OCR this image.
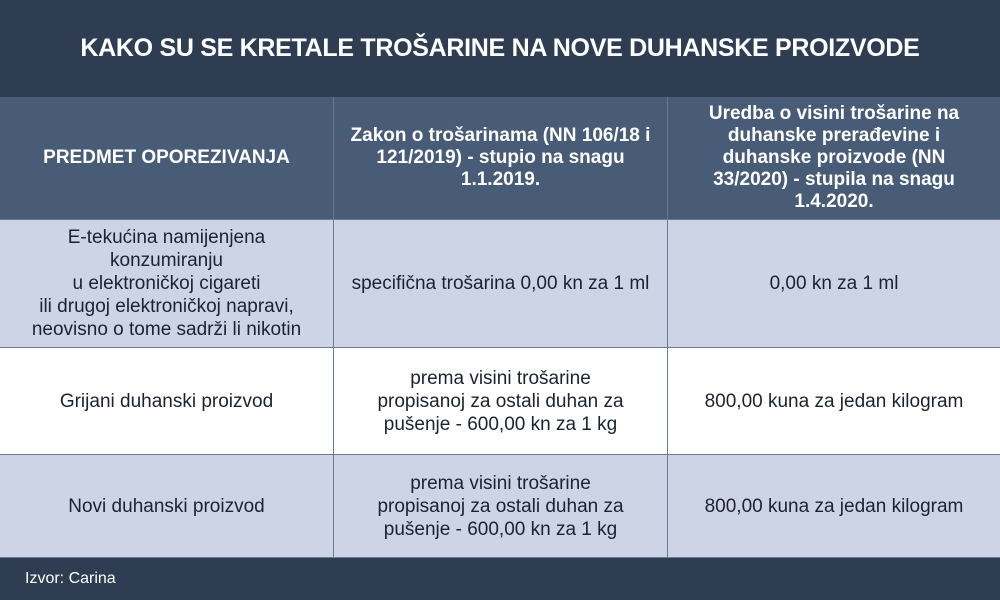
KAKO SU SE KRETALE TROŠARINE NA NOVE DUHANSKE PROIZVODE
PREDMET OPOREZIVANJA
Zakon o trošarinama (NN 106/18 i 121/2019) - stupio na snagu 1.1.2019.
Uredba o visini trošarine na duhanske prerađevine i duhanske proizvode (NN 33/2020) - stupila na snagu 1.4.2020.
E-tekućina namijenjena konzumiranju
u elektroničkoj cigareti
ili drugoj elektroničkoj napravi,
neovisno o tome sadrži li nikotin
specifična trošarina 0,00 kn za 1 ml	0,00 kn za 1 ml
Grijani duhanski proizvod
prema visini trošarine propisanoj za ostali duhan za pušenje - 600,00 kn za 1 kg
800,00 kuna za jedan kilogram
Novi duhanski proizvod
prema visini trošarine propisanoj za ostali duhan za pušenje - 600,00 kn za 1 kg
800,00 kuna za jedan kilogram
Izvor: Carina
